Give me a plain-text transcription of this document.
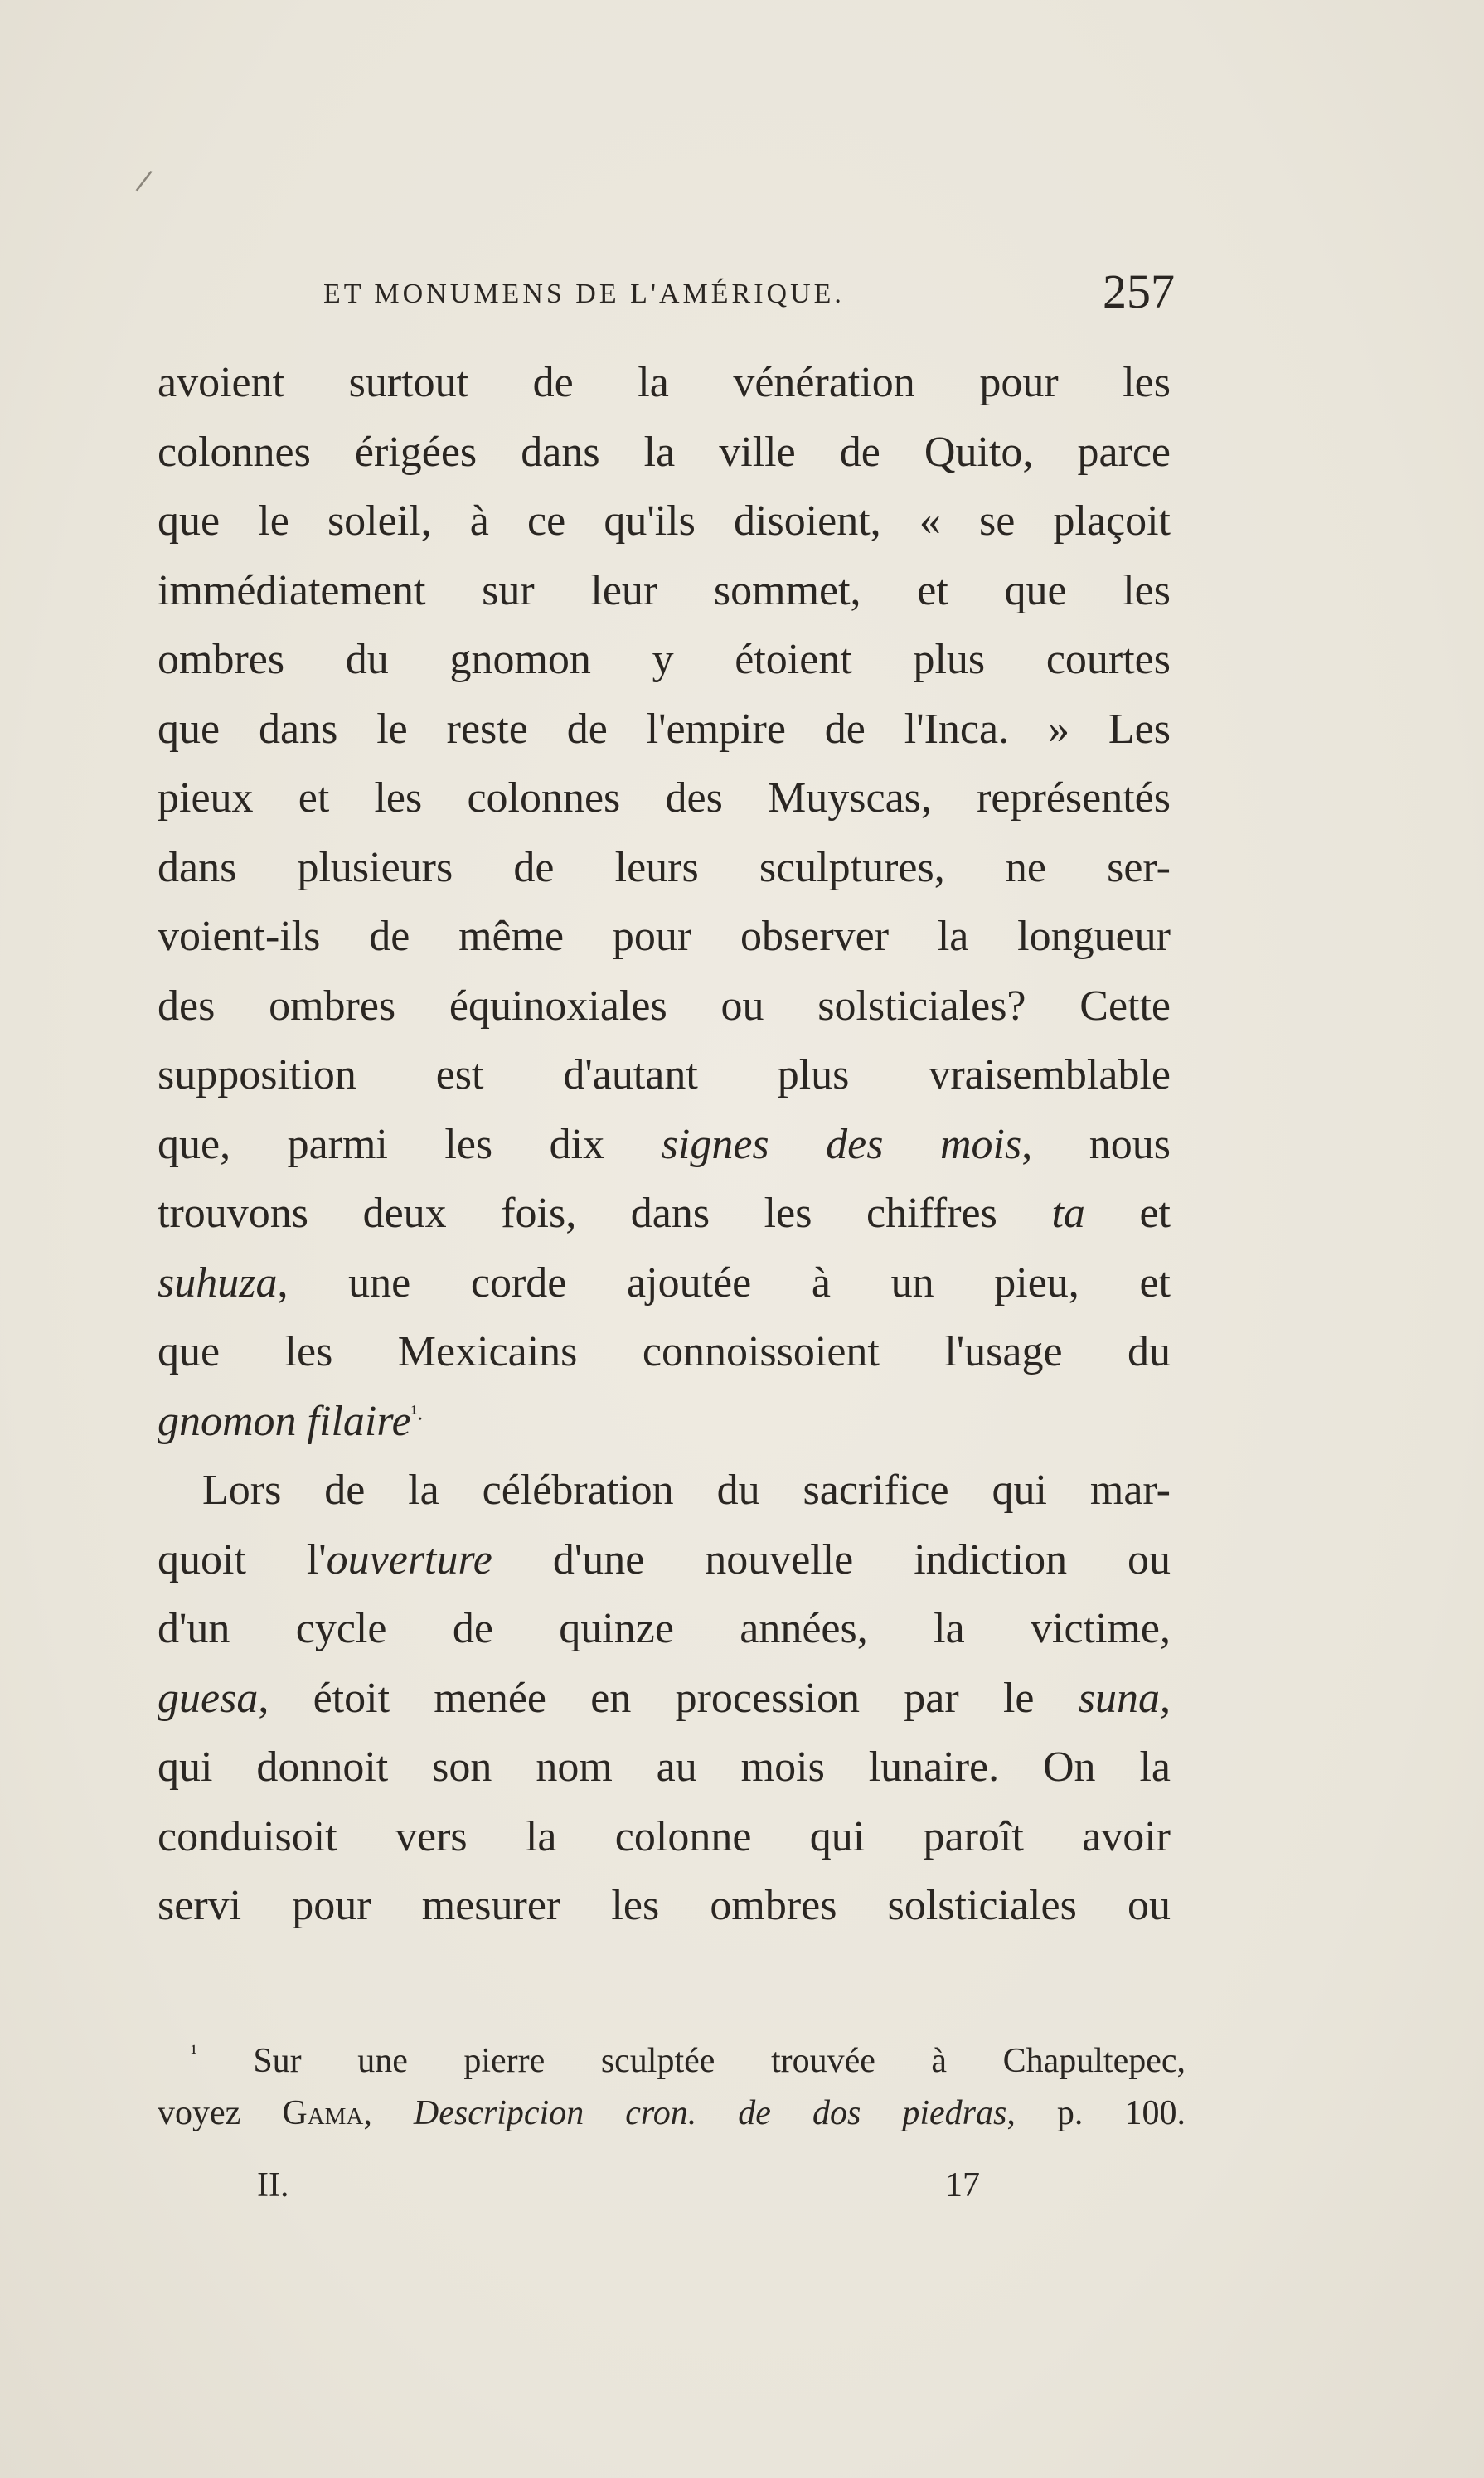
/
ET MONUMENS DE L'AMÉRIQUE.	257
avoient surtout de la vénération pour les
colonnes érigées dans la ville de Quito, parce
que le soleil, à ce qu'ils disoient, « se plaçoit
immédiatement sur leur sommet, et que les
ombres du gnomon y étoient plus courtes
que dans le reste de l'empire de l'Inca. » Les
pieux et les colonnes des Muyscas, représentés
dans plusieurs de leurs sculptures, ne ser-
voient-ils de même pour observer la longueur
des ombres équinoxiales ou solsticiales? Cette
supposition est d'autant plus vraisemblable
que, parmi les dix signes des mois, nous
trouvons deux fois, dans les chiffres ta et
suhuza, une corde ajoutée à un pieu, et
que les Mexicains connoissoient l'usage du
gnomon filaire$^{^1.}$
Lors de la célébration du sacrifice qui mar-
quoit l'ouverture d'une nouvelle indiction ou
d'un cycle de quinze années, la victime,
guesa, étoit menée en procession par le suna,
qui donnoit son nom au mois lunaire. On la
conduisoit vers la colonne qui paroît avoir
servi pour mesurer les ombres solsticiales ou
$^{^1}$ Sur une pierre sculptée trouvée à Chapultepec,
voyez Gama, Descripcion cron. de dos piedras, p. 100.
II.	17
